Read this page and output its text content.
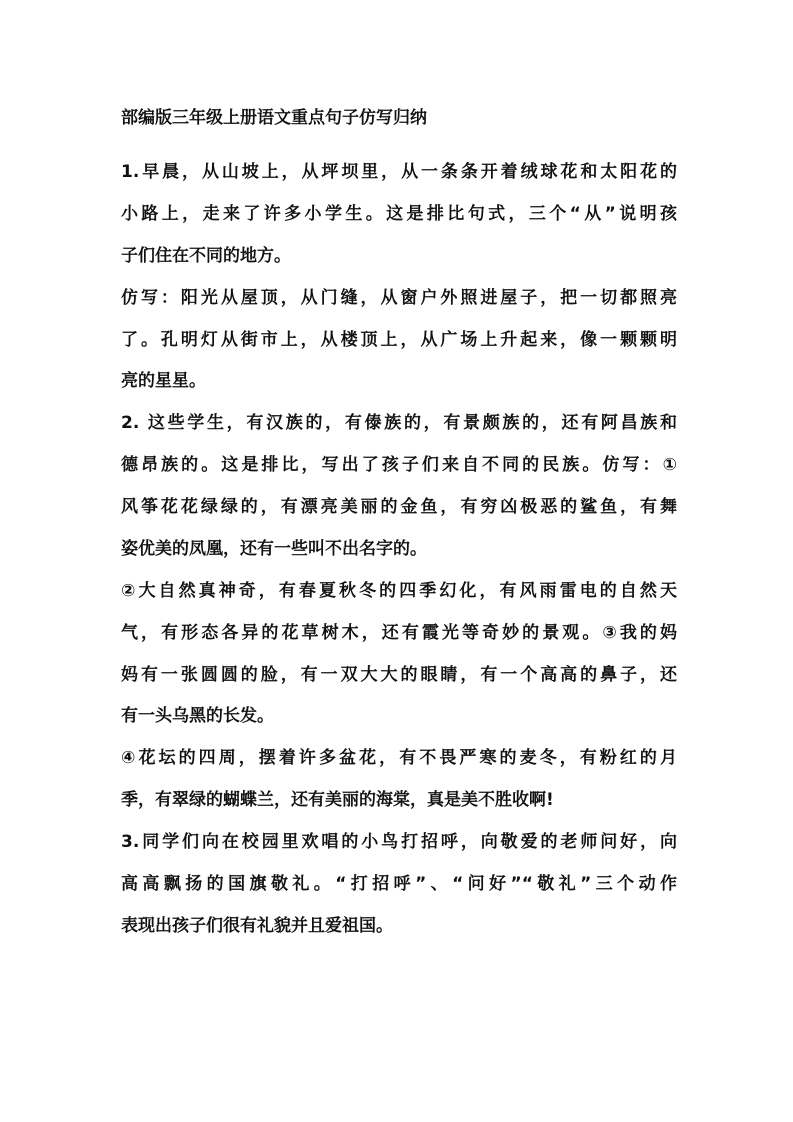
部编版三年级上册语文重点句子仿写归纳
1.早晨，从山坡上，从坪坝里，从一条条开着绒球花和太阳花的
小路上，走来了许多小学生。这是排比句式，三个“从”说明孩
子们住在不同的地方。
仿写：阳光从屋顶，从门缝，从窗户外照进屋子，把一切都照亮
了。孔明灯从街市上，从楼顶上，从广场上升起来，像一颗颗明
亮的星星。
2. 这些学生，有汉族的，有傣族的，有景颇族的，还有阿昌族和
德昂族的。这是排比，写出了孩子们来自不同的民族。仿写：①
风筝花花绿绿的，有漂亮美丽的金鱼，有穷凶极恶的鲨鱼，有舞
姿优美的凤凰，还有一些叫不出名字的。
②大自然真神奇，有春夏秋冬的四季幻化，有风雨雷电的自然天
气，有形态各异的花草树木，还有霞光等奇妙的景观。③我的妈
妈有一张圆圆的脸，有一双大大的眼睛，有一个高高的鼻子，还
有一头乌黑的长发。
④花坛的四周，摆着许多盆花，有不畏严寒的麦冬，有粉红的月
季，有翠绿的蝴蝶兰，还有美丽的海棠，真是美不胜收啊!
3.同学们向在校园里欢唱的小鸟打招呼，向敬爱的老师问好，向
高高飘扬的国旗敬礼。“打招呼”、“问好”“敬礼”三个动作
表现出孩子们很有礼貌并且爱祖国。
